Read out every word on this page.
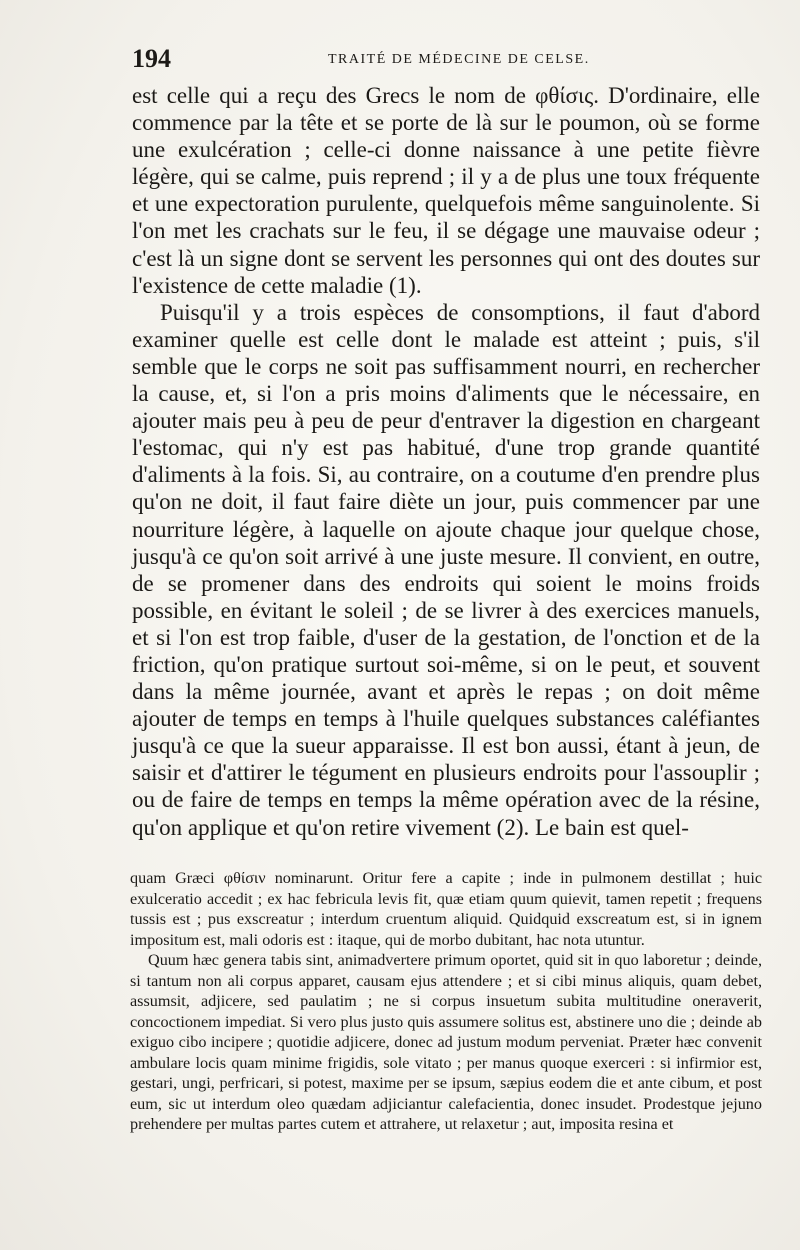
194	TRAITÉ DE MÉDECINE DE CELSE.

est celle qui a reçu des Grecs le nom de φθίσις. D'ordinaire, elle commence par la tête et se porte de là sur le poumon, où se forme une exulcération ; celle-ci donne naissance à une petite fièvre légère, qui se calme, puis reprend ; il y a de plus une toux fréquente et une expectoration purulente, quelquefois même sanguinolente. Si l'on met les crachats sur le feu, il se dégage une mauvaise odeur ; c'est là un signe dont se servent les personnes qui ont des doutes sur l'existence de cette maladie (1).

Puisqu'il y a trois espèces de consomptions, il faut d'abord examiner quelle est celle dont le malade est atteint ; puis, s'il semble que le corps ne soit pas suffisamment nourri, en rechercher la cause, et, si l'on a pris moins d'aliments que le nécessaire, en ajouter mais peu à peu de peur d'entraver la digestion en chargeant l'estomac, qui n'y est pas habitué, d'une trop grande quantité d'aliments à la fois. Si, au contraire, on a coutume d'en prendre plus qu'on ne doit, il faut faire diète un jour, puis commencer par une nourriture légère, à laquelle on ajoute chaque jour quelque chose, jusqu'à ce qu'on soit arrivé à une juste mesure. Il convient, en outre, de se promener dans des endroits qui soient le moins froids possible, en évitant le soleil ; de se livrer à des exercices manuels, et si l'on est trop faible, d'user de la gestation, de l'onction et de la friction, qu'on pratique surtout soi-même, si on le peut, et souvent dans la même journée, avant et après le repas ; on doit même ajouter de temps en temps à l'huile quelques substances caléfiantes jusqu'à ce que la sueur apparaisse. Il est bon aussi, étant à jeun, de saisir et d'attirer le tégument en plusieurs endroits pour l'assouplir ; ou de faire de temps en temps la même opération avec de la résine, qu'on applique et qu'on retire vivement (2). Le bain est quel-

quam Græci φθίσιν nominarunt. Oritur fere a capite ; inde in pulmonem destillat ; huic exulceratio accedit ; ex hac febricula levis fit, quæ etiam quum quievit, tamen repetit ; frequens tussis est ; pus exscreatur ; interdum cruentum aliquid. Quidquid exscreatum est, si in ignem impositum est, mali odoris est : itaque, qui de morbo dubitant, hac nota utuntur.

Quum hæc genera tabis sint, animadvertere primum oportet, quid sit in quo laboretur ; deinde, si tantum non ali corpus apparet, causam ejus attendere ; et si cibi minus aliquis, quam debet, assumsit, adjicere, sed paulatim ; ne si corpus insuetum subita multitudine oneraverit, concoctionem impediat. Si vero plus justo quis assumere solitus est, abstinere uno die ; deinde ab exiguo cibo incipere ; quotidie adjicere, donec ad justum modum perveniat. Præter hæc convenit ambulare locis quam minime frigidis, sole vitato ; per manus quoque exerceri : si infirmior est, gestari, ungi, perfricari, si potest, maxime per se ipsum, sæpius eodem die et ante cibum, et post eum, sic ut interdum oleo quædam adjiciantur calefacientia, donec insudet. Prodestque jejuno prehendere per multas partes cutem et attrahere, ut relaxetur ; aut, imposita resina et
